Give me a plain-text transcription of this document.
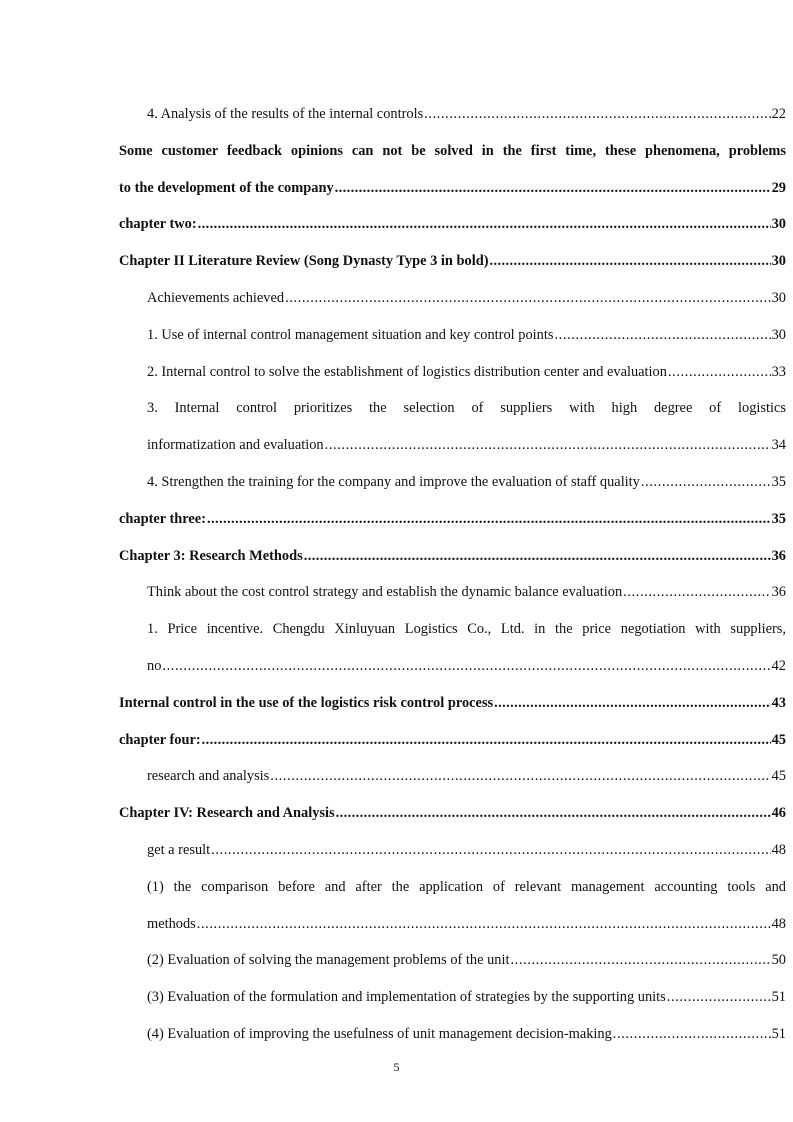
4. Analysis of the results of the internal controls .....	22
Some customer feedback opinions can not be solved in the first time, these phenomena, problems
to the development of the company .....	29
chapter two: .....	30
Chapter II Literature Review (Song Dynasty Type 3 in bold) .....	30
Achievements achieved .....	30
1. Use of internal control management situation and key control points .....	30
2. Internal control to solve the establishment of logistics distribution center and evaluation .....	33
3. Internal control prioritizes the selection of suppliers with high degree of logistics
informatization and evaluation .....	34
4. Strengthen the training for the company and improve the evaluation of staff quality .....	35
chapter three: .....	35
Chapter 3: Research Methods .....	36
Think about the cost control strategy and establish the dynamic balance evaluation .....	36
1. Price incentive. Chengdu Xinluyuan Logistics Co., Ltd. in the price negotiation with suppliers,
no .....	42
Internal control in the use of the logistics risk control process .....	43
chapter four: .....	45
research and analysis .....	45
Chapter IV: Research and Analysis .....	46
get a result .....	48
(1) the comparison before and after the application of relevant management accounting tools and
methods .....	48
(2) Evaluation of solving the management problems of the unit .....	50
(3) Evaluation of the formulation and implementation of strategies by the supporting units .....	51
(4) Evaluation of improving the usefulness of unit management decision-making .....	51
5
